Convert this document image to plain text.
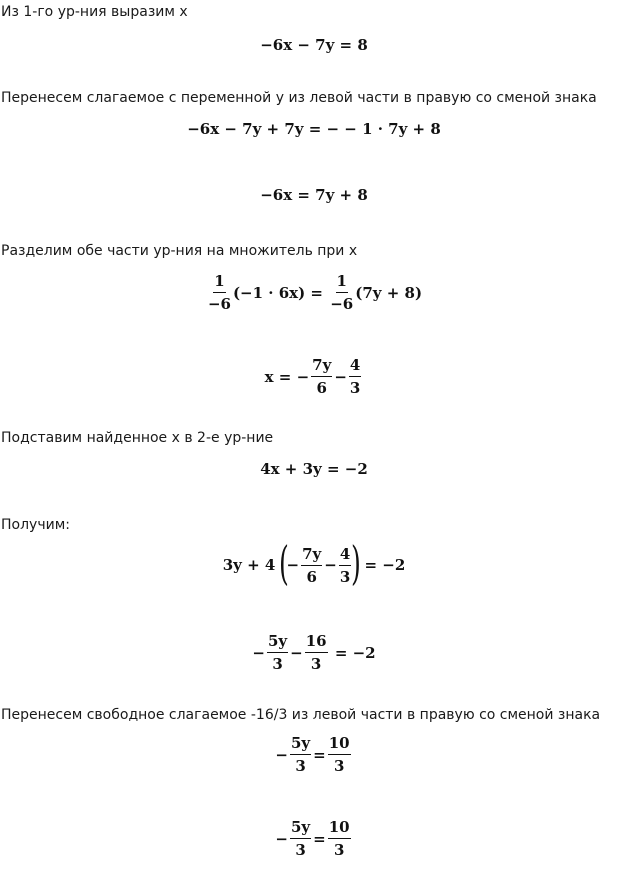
Из 1-го ур-ния выразим x
−6x − 7y = 8
Перенесем слагаемое с переменной y из левой части в правую со сменой знака
−6x − 7y + 7y = − − 1 · 7y + 8
−6x = 7y + 8
Разделим обе части ур-ния на множитель при x
$\frac{1}{-6} (-1 \cdot 6x)$ =
$\frac{1}{-6} (7y + 8)$
x = − $\frac{7y}{6} - \frac{4}{3}$
Подставим найденное x в 2-е ур-ние
4x + 3y = −2
Получим:
3y + 4
(
− $\frac{7y}{6} - \frac{4}{3}$ )
= −2
− $\frac{5y}{3} - \frac{16}{3}$
= −2
Перенесем свободное слагаемое -16/3 из левой части в правую со сменой знака
− $\frac{5y}{3} = \frac{10}{3}$
− $\frac{5y}{3} = \frac{10}{3}$
